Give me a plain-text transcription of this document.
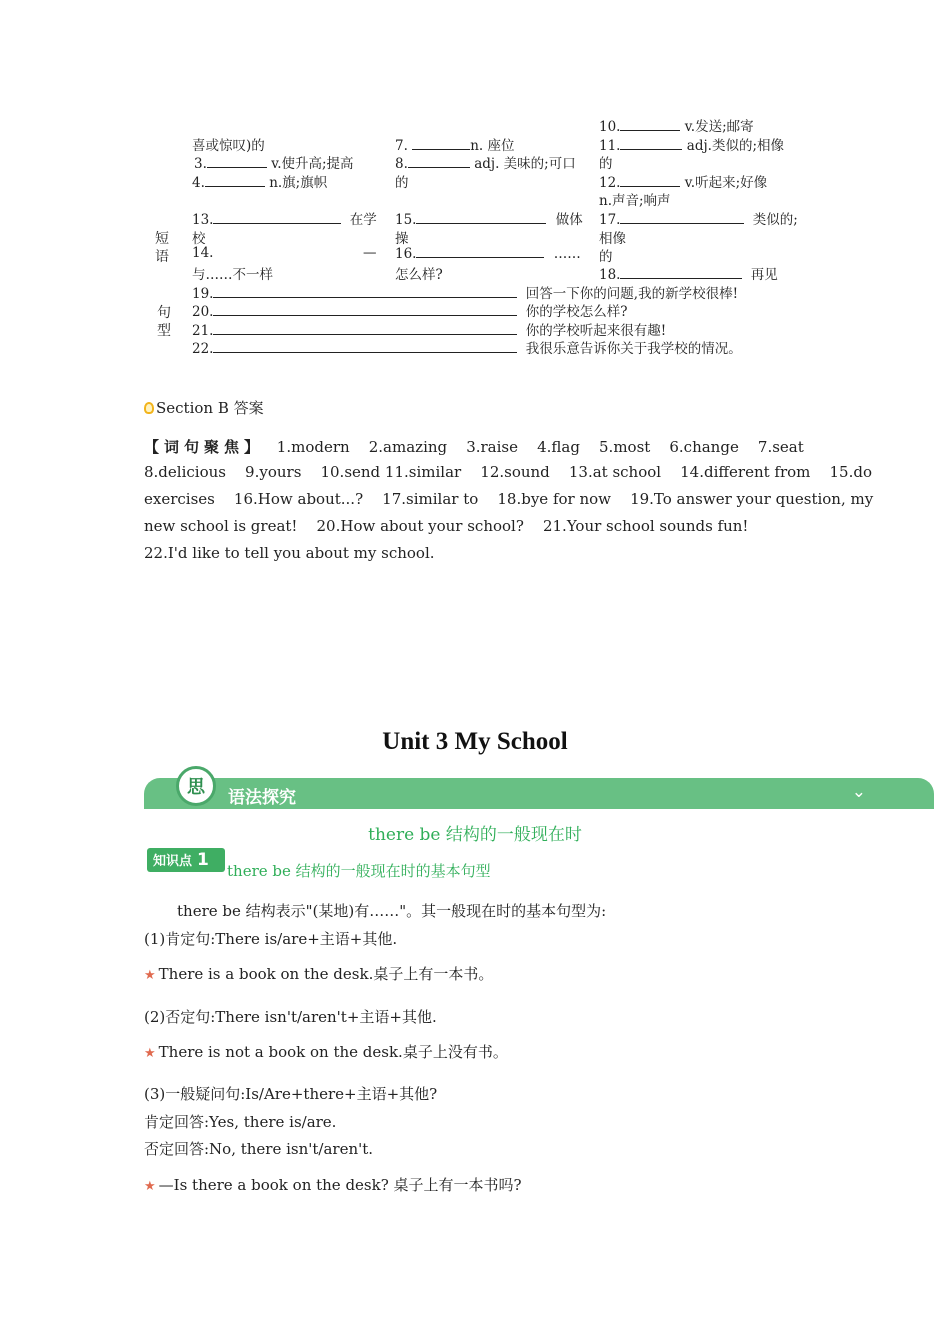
喜或惊叹)的
3.	v.使升高;提高
4.	n.旗;旗帜
7.	n. 座位
8.	adj. 美味的;可口
的
10.	v.发送;邮寄
11.	adj.类似的;相像
的
12.	v.听起来;好像
n.声音;响声
短
语
13.	在学
校
14.	—
与……不一样
15.	做体
操
16.	……
怎么样?
17.	类似的;
相像
的
18.	再见
句
型
19.	回答一下你的问题,我的新学校很棒!
20.	你的学校怎么样?
21.	你的学校听起来很有趣!
22.	我很乐意告诉你关于我学校的情况。
Section B 答案
【词句聚焦】 1.modern    2.amazing    3.raise    4.flag    5.most    6.change    7.seat
8.delicious    9.yours    10.send 11.similar    12.sound    13.at school    14.different from    15.do
exercises    16.How about...?    17.similar to    18.bye for now    19.To answer your question, my
new school is great!    20.How about your school?    21.Your school sounds fun!
22.I'd like to tell you about my school.
Unit 3 My School
思	语法探究	⌄
there be 结构的一般现在时
知识点 1
there be 结构的一般现在时的基本句型
there be 结构表示"(某地)有……"。其一般现在时的基本句型为:
(1)肯定句:There is/are+主语+其他.
★ There is a book on the desk.桌子上有一本书。
(2)否定句:There isn't/aren't+主语+其他.
★ There is not a book on the desk.桌子上没有书。
(3)一般疑问句:Is/Are+there+主语+其他?
肯定回答:Yes, there is/are.
否定回答:No, there isn't/aren't.
★ —Is there a book on the desk? 桌子上有一本书吗?
